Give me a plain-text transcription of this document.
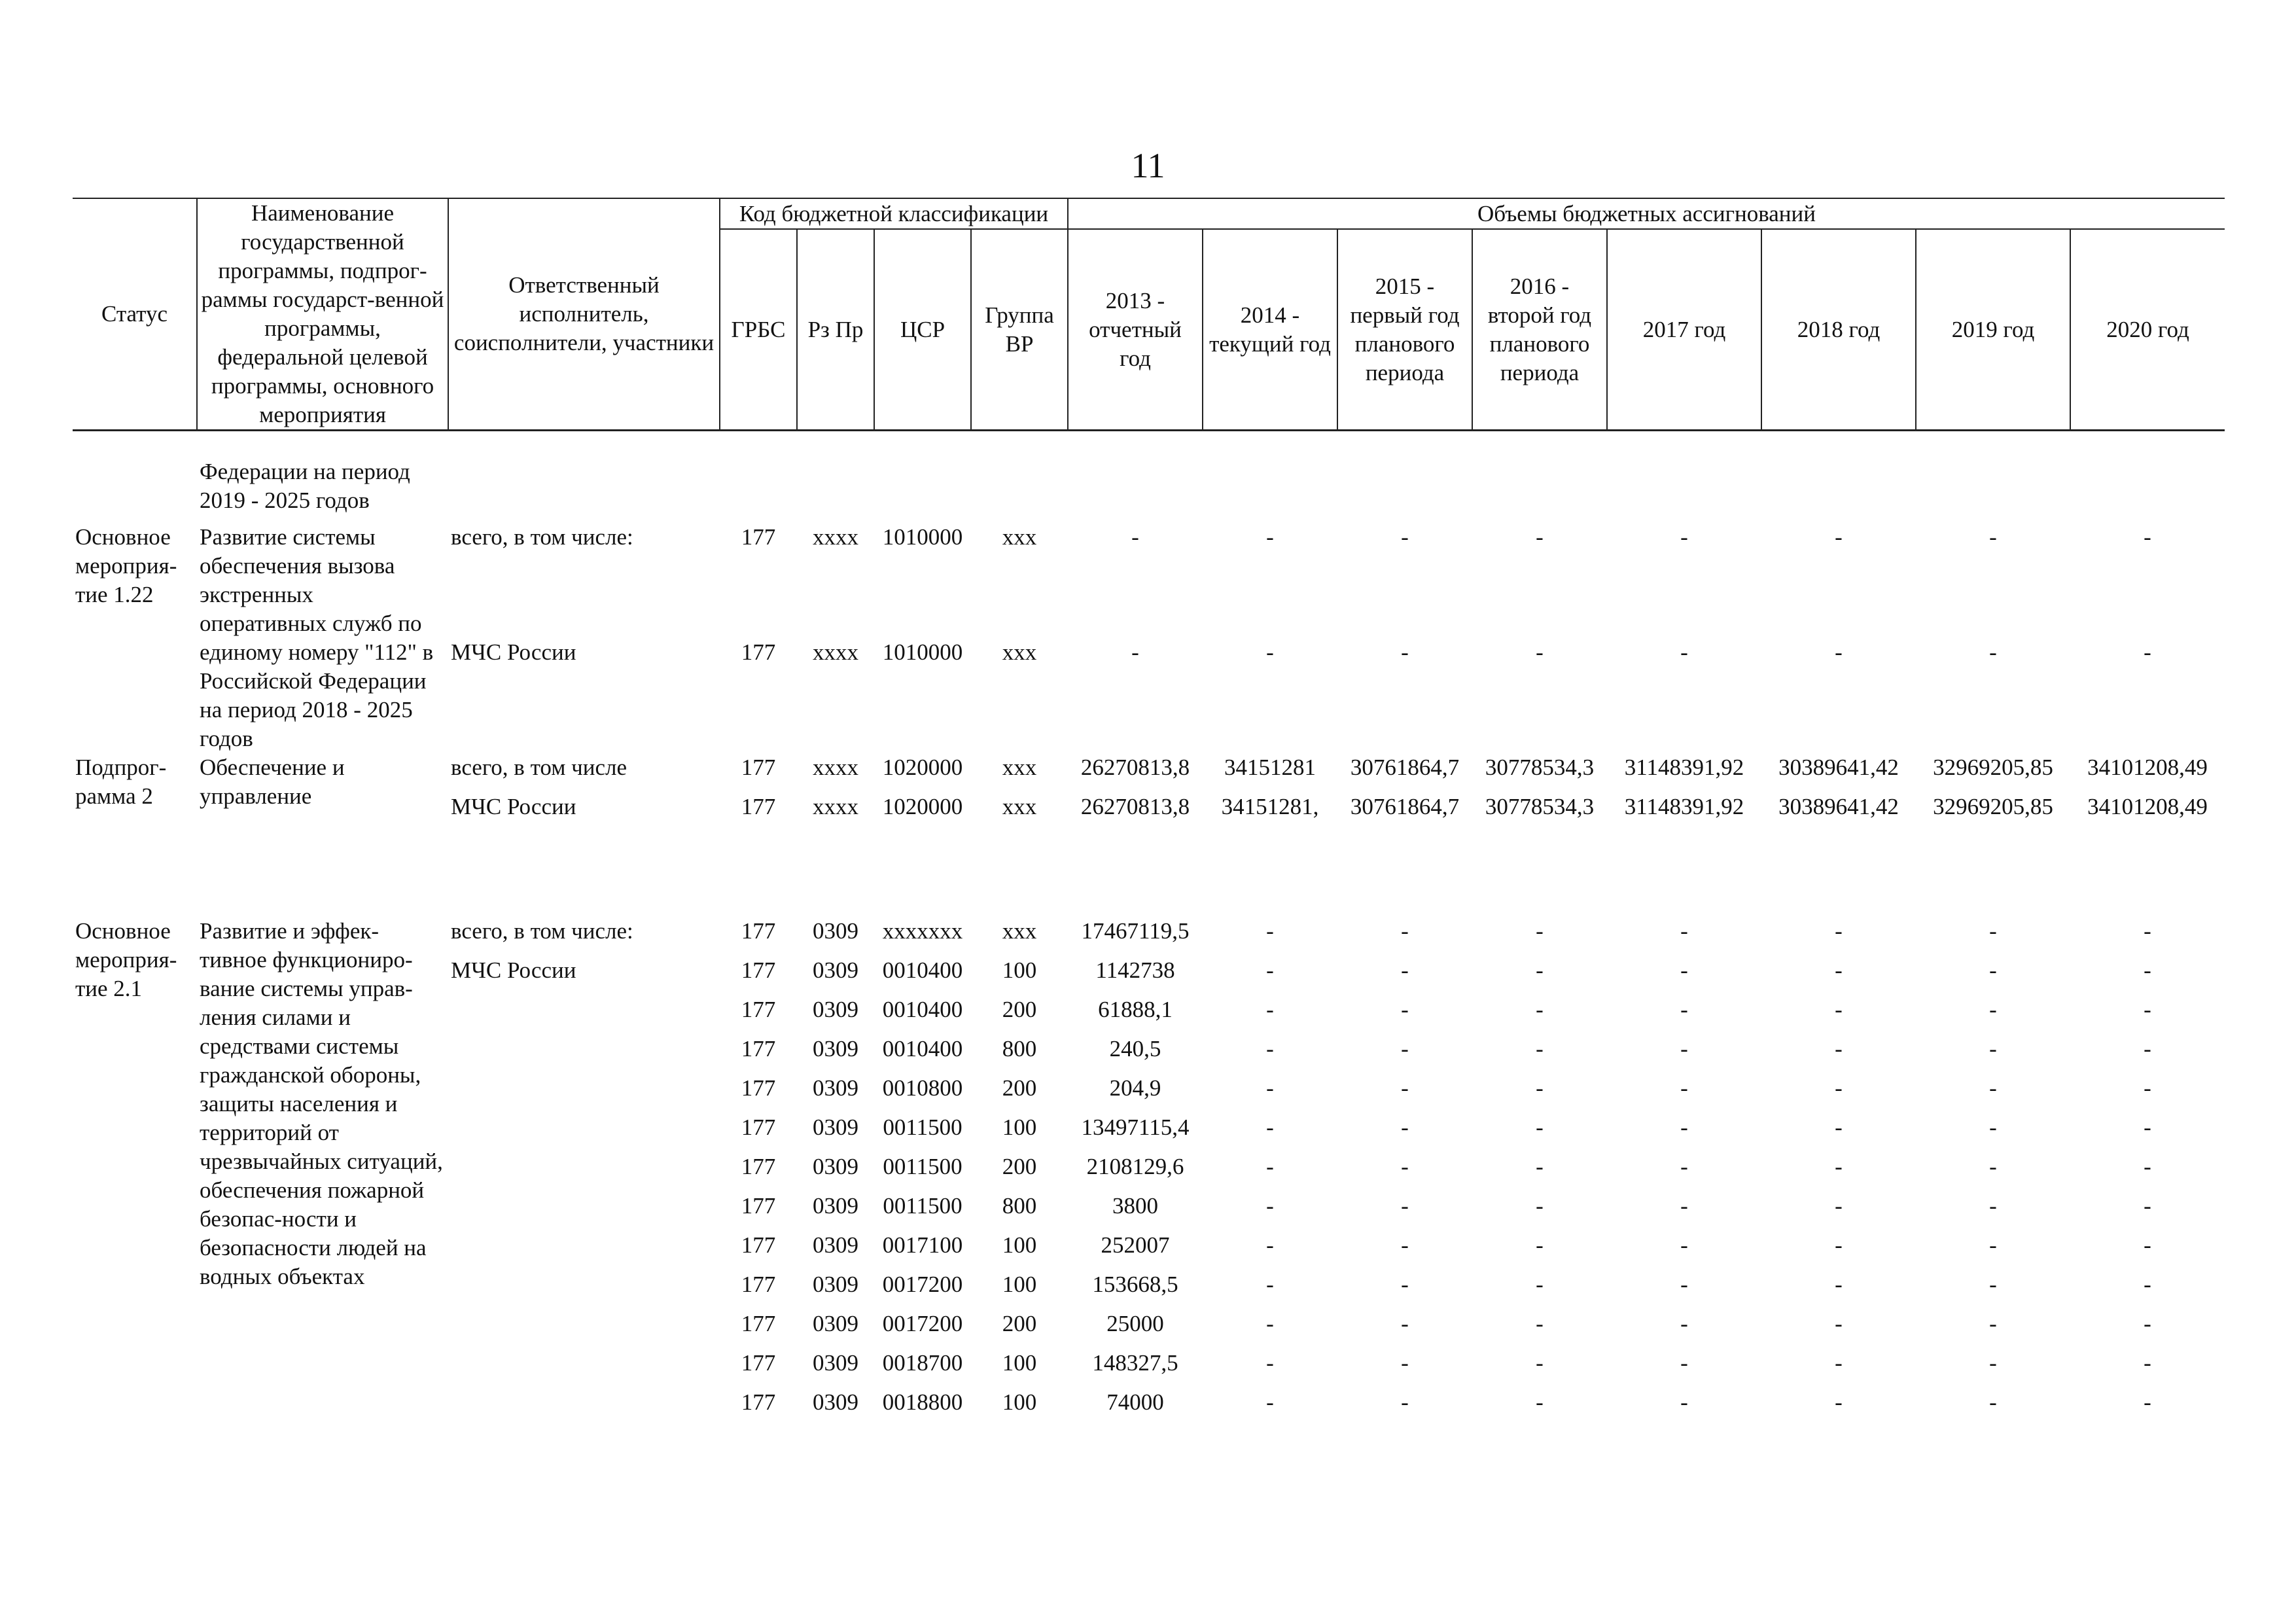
11
Статус	Наименование государственной программы, подпрог-раммы государст-венной программы, федеральной целевой программы, основного мероприятия	Ответственный исполнитель, соисполнители, участники	Код бюджетной классификации				Объемы бюджетных ассигнований							
			ГРБС	Рз Пр	ЦСР	Группа ВР	2013 - отчетный год	2014 - текущий год	2015 - первый год планового периода	2016 - второй год планового периода	2017 год	2018 год	2019 год	2020 год

	Федерации на период 2019 - 2025 годов													
Основное мероприя-тие 1.22	Развитие системы обеспечения вызова экстренных оперативных служб по единому номеру "112" в Российской Федерации на период 2018 - 2025 годов	всего, в том числе:	177	xxxx	1010000	xxx	-	-	-	-	-	-	-	-
		МЧС России	177	xxxx	1010000	xxx	-	-	-	-	-	-	-	-
Подпрог-рамма 2	Обеспечение и управление	всего, в том числе	177	xxxx	1020000	xxx	26270813,8	34151281	30761864,7	30778534,3	31148391,92	30389641,42	32969205,85	34101208,49
		МЧС России	177	xxxx	1020000	xxx	26270813,8	34151281,	30761864,7	30778534,3	31148391,92	30389641,42	32969205,85	34101208,49

Основное мероприя-тие 2.1	Развитие и эффек-тивное функциониро-вание системы управ-ления силами и средствами системы гражданской обороны, защиты населения и территорий от чрезвычайных ситуаций, обеспечения пожарной безопас-ности и безопасности людей на водных объектах	всего, в том числе:	177	0309	xxxxxxx	xxx	17467119,5	-	-	-	-	-	-	-
		МЧС России	177	0309	0010400	100	1142738	-	-	-	-	-	-	-
			177	0309	0010400	200	61888,1	-	-	-	-	-	-	-
			177	0309	0010400	800	240,5	-	-	-	-	-	-	-
			177	0309	0010800	200	204,9	-	-	-	-	-	-	-
			177	0309	0011500	100	13497115,4	-	-	-	-	-	-	-
			177	0309	0011500	200	2108129,6	-	-	-	-	-	-	-
			177	0309	0011500	800	3800	-	-	-	-	-	-	-
			177	0309	0017100	100	252007	-	-	-	-	-	-	-
			177	0309	0017200	100	153668,5	-	-	-	-	-	-	-
			177	0309	0017200	200	25000	-	-	-	-	-	-	-
			177	0309	0018700	100	148327,5	-	-	-	-	-	-	-
			177	0309	0018800	100	74000	-	-	-	-	-	-	-
